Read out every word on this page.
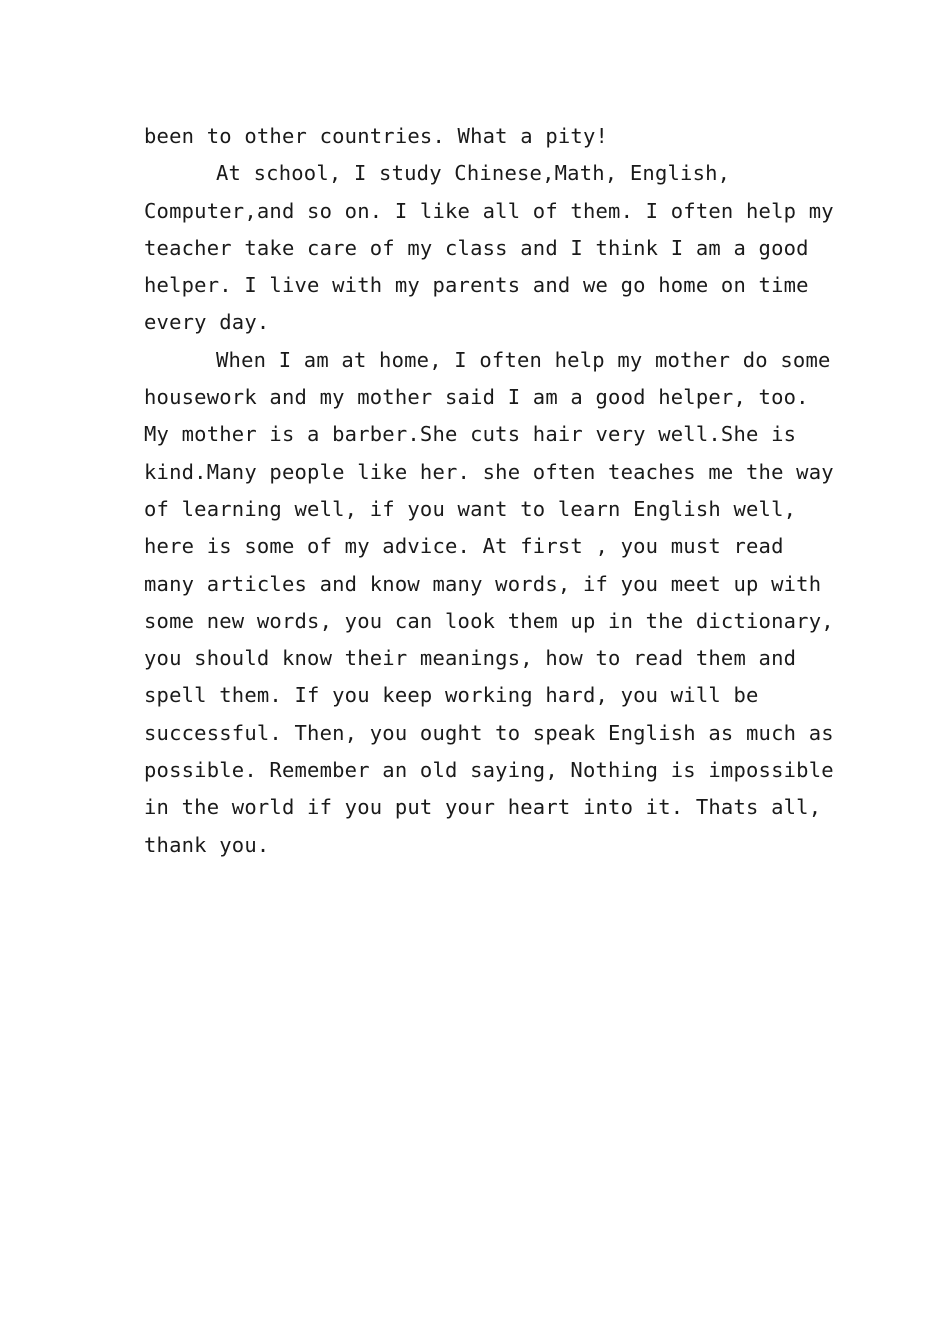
been to other countries. What a pity!
At school, I study Chinese,Math, English,
Computer,and so on. I like all of them. I often help my
teacher take care of my class and I think I am a good
helper. I live with my parents and we go home on time
every day.
When I am at home, I often help my mother do some
housework and my mother said I am a good helper, too.
My mother is a barber.She cuts hair very well.She is
kind.Many people like her. she often teaches me the way
of learning well, if you want to learn English well,
here is some of my advice. At first , you must read
many articles and know many words, if you meet up with
some new words, you can look them up in the dictionary,
you should know their meanings, how to read them and
spell them. If you keep working hard, you will be
successful. Then, you ought to speak English as much as
possible. Remember an old saying, Nothing is impossible
in the world if you put your heart into it. Thats all,
thank you.
